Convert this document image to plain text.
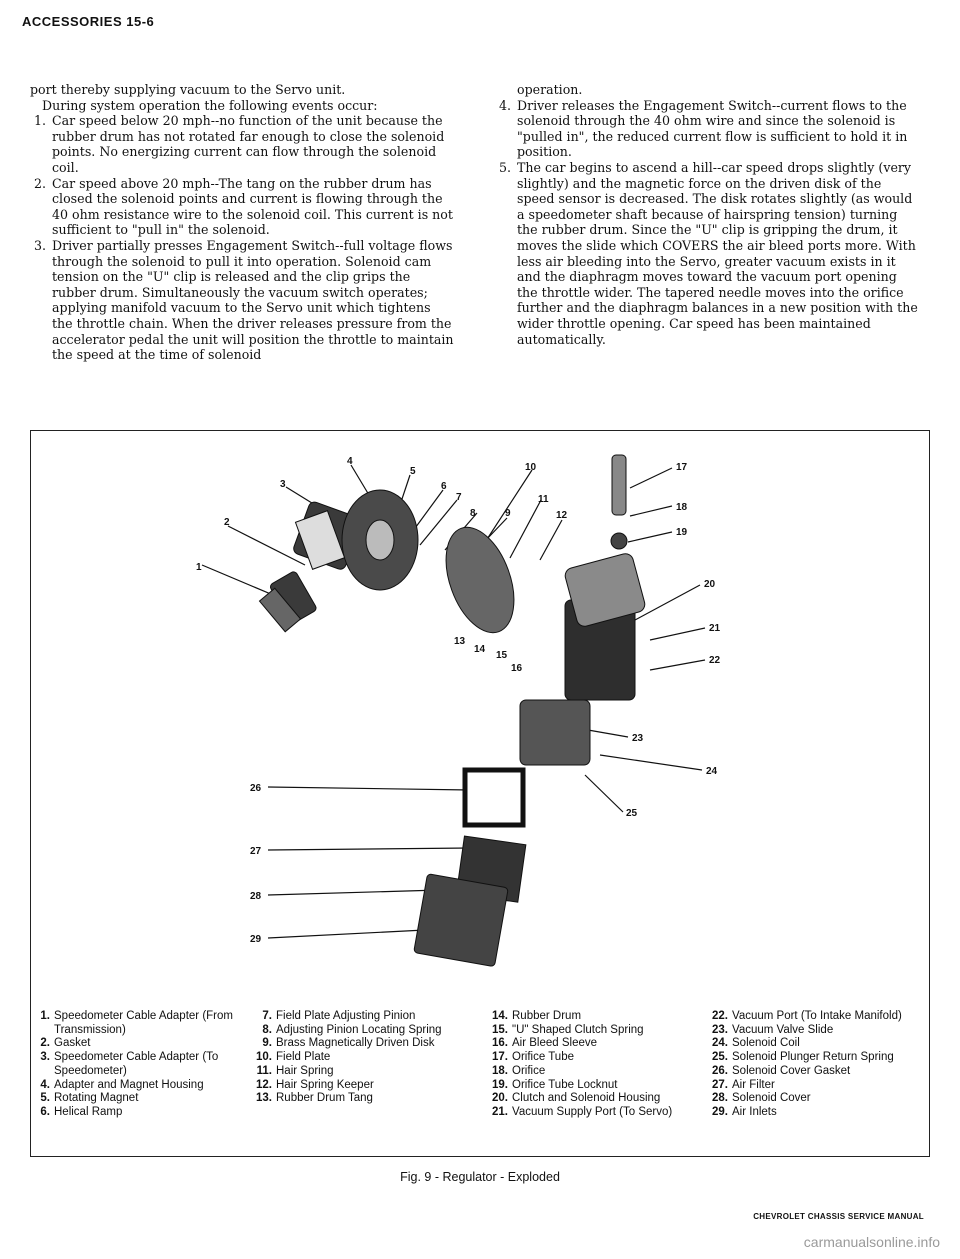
ACCESSORIES 15-6

port thereby supplying vacuum to the Servo unit.

During system operation the following events occur:

1. Car speed below 20 mph--no function of the unit because the rubber drum has not rotated far enough to close the solenoid points. No energizing current can flow through the solenoid coil.
2. Car speed above 20 mph--The tang on the rubber drum has closed the solenoid points and current is flowing through the 40 ohm resistance wire to the solenoid coil. This current is not sufficient to "pull in" the solenoid.
3. Driver partially presses Engagement Switch--full voltage flows through the solenoid to pull it into operation. Solenoid cam tension on the "U" clip is released and the clip grips the rubber drum. Simultaneously the vacuum switch operates; applying manifold vacuum to the Servo unit which tightens the throttle chain. When the driver releases pressure from the accelerator pedal the unit will position the throttle to maintain the speed at the time of solenoid

operation.

4. Driver releases the Engagement Switch--current flows to the solenoid through the 40 ohm wire and since the solenoid is "pulled in", the reduced current flow is sufficient to hold it in position.
5. The car begins to ascend a hill--car speed drops slightly (very slightly) and the magnetic force on the driven disk of the speed sensor is decreased. The disk rotates slightly (as would a speedometer shaft because of hairspring tension) turning the rubber drum. Since the "U" clip is gripping the drum, it moves the slide which COVERS the air bleed ports more. With less air bleeding into the Servo, greater vacuum exists in it and the diaphragm moves toward the vacuum port opening the throttle wider. The tapered needle moves into the orifice further and the diaphragm balances in a new position with the wider throttle opening. Car speed has been maintained automatically.
1
2
3
4
5
6
7
8	9
10
11
12
13
14
15
16
17
18
19
20
21
22
23
24
25
26
27
28
29
1. Speedometer Cable Adapter (From Transmission)
2. Gasket
3. Speedometer Cable Adapter (To Speedometer)
4. Adapter and Magnet Housing
5. Rotating Magnet
6. Helical Ramp
7. Field Plate Adjusting Pinion
8. Adjusting Pinion Locating Spring
9. Brass Magnetically Driven Disk
10. Field Plate
11. Hair Spring
12. Hair Spring Keeper
13. Rubber Drum Tang
14. Rubber Drum
15. "U" Shaped Clutch Spring
16. Air Bleed Sleeve
17. Orifice Tube
18. Orifice
19. Orifice Tube Locknut
20. Clutch and Solenoid Housing
21. Vacuum Supply Port (To Servo)
22. Vacuum Port (To Intake Manifold)
23. Vacuum Valve Slide
24. Solenoid Coil
25. Solenoid Plunger Return Spring
26. Solenoid Cover Gasket
27. Air Filter
28. Solenoid Cover
29. Air Inlets
Fig. 9 - Regulator - Exploded
CHEVROLET CHASSIS SERVICE MANUAL
carmanualsonline.info
